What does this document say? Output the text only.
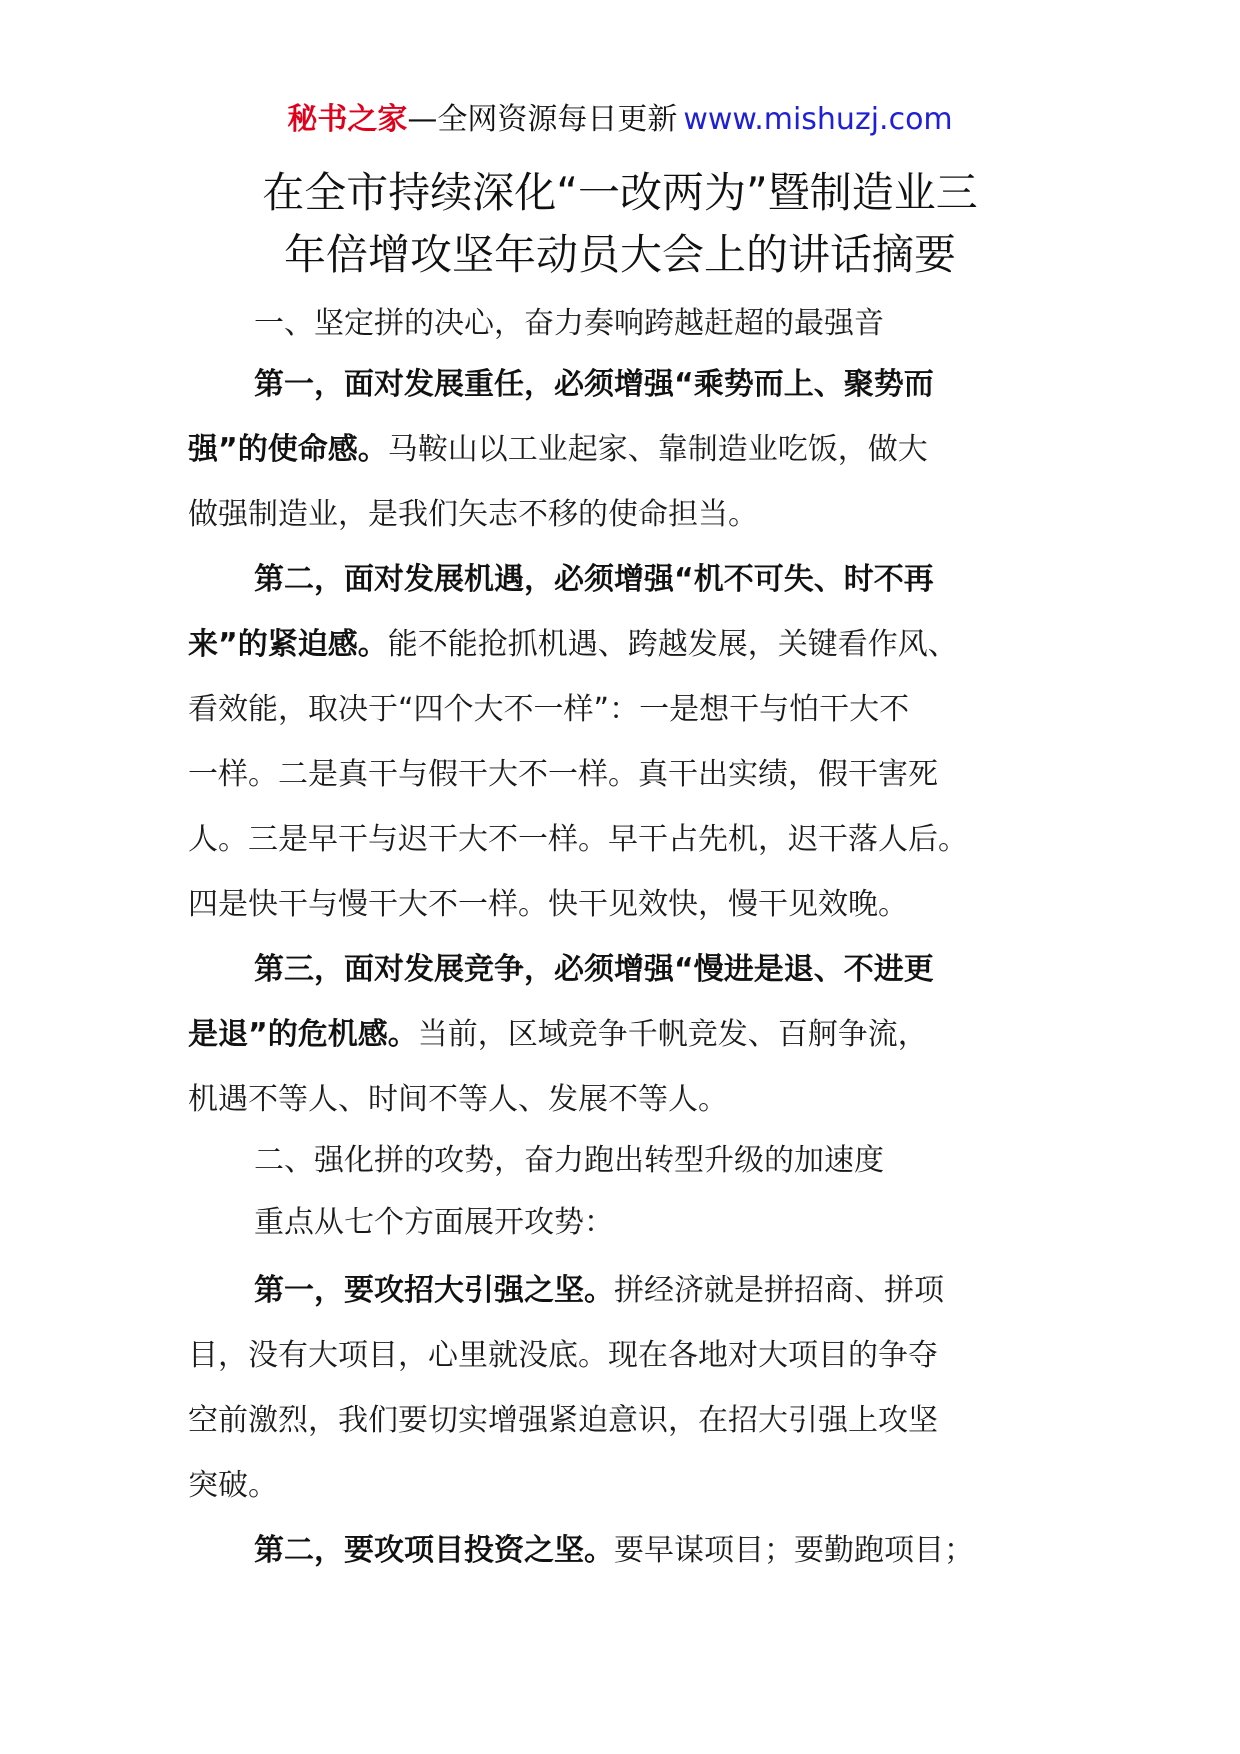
秘书之家—全网资源每日更新 www.mishuzj.com
在全市持续深化“一改两为”暨制造业三
年倍增攻坚年动员大会上的讲话摘要
一、坚定拼的决心，奋力奏响跨越赶超的最强音
第一，面对发展重任，必须增强“乘势而上、聚势而
强”的使命感。马鞍山以工业起家、靠制造业吃饭，做大
做强制造业，是我们矢志不移的使命担当。
第二，面对发展机遇，必须增强“机不可失、时不再
来”的紧迫感。能不能抢抓机遇、跨越发展，关键看作风、
看效能，取决于“四个大不一样”：一是想干与怕干大不
一样。二是真干与假干大不一样。真干出实绩，假干害死
人。三是早干与迟干大不一样。早干占先机，迟干落人后。
四是快干与慢干大不一样。快干见效快，慢干见效晚。
第三，面对发展竞争，必须增强“慢进是退、不进更
是退”的危机感。当前，区域竞争千帆竞发、百舸争流，
机遇不等人、时间不等人、发展不等人。
二、强化拼的攻势，奋力跑出转型升级的加速度
重点从七个方面展开攻势：
第一，要攻招大引强之坚。拼经济就是拼招商、拼项
目，没有大项目，心里就没底。现在各地对大项目的争夺
空前激烈，我们要切实增强紧迫意识，在招大引强上攻坚
突破。
第二，要攻项目投资之坚。要早谋项目；要勤跑项目；
